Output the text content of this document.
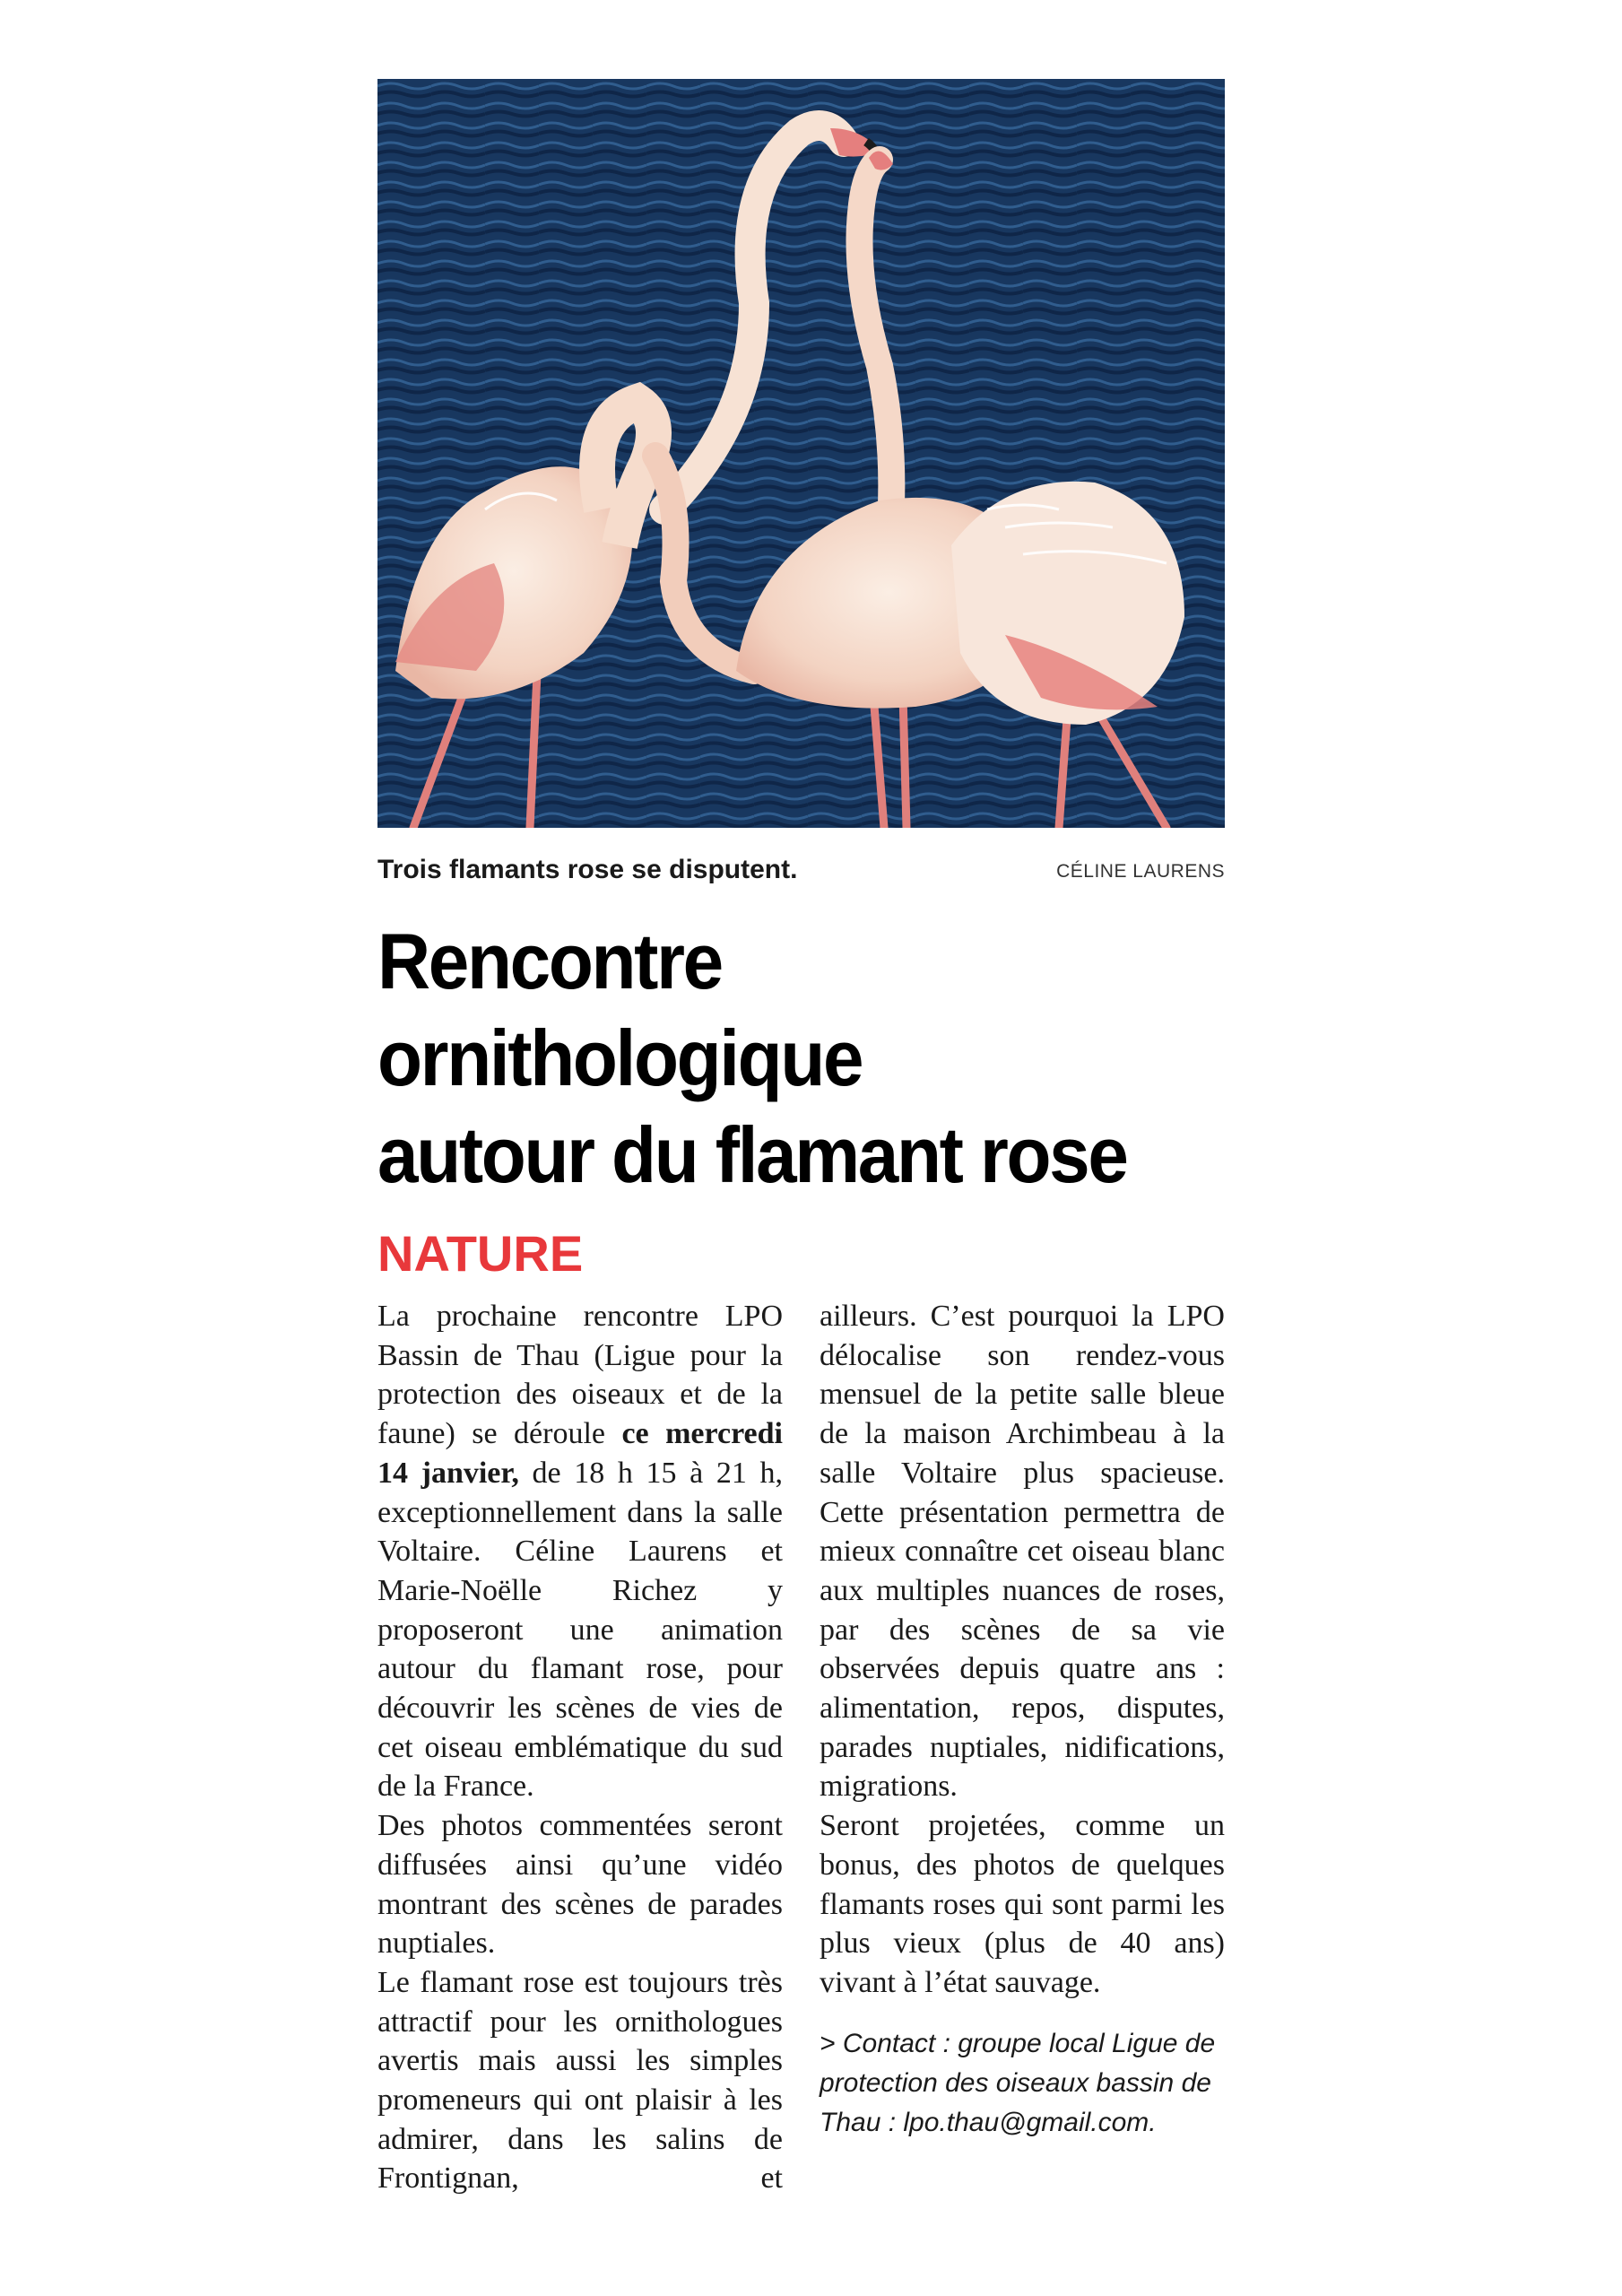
Trois flamants rose se disputent.	CÉLINE LAURENS
Rencontre
ornithologique
autour du flamant rose
NATURE

La prochaine rencontre LPO Bassin de Thau (Ligue pour la protection des oiseaux et de la faune) se déroule ce mercredi 14 janvier, de 18 h 15 à 21 h, exceptionnellement dans la salle Voltaire. Céline Laurens et Marie-Noëlle Richez y proposeront une animation autour du flamant rose, pour découvrir les scènes de vies de cet oiseau emblématique du sud de la France.

Des photos commentées seront diffusées ainsi qu’une vidéo montrant des scènes de parades nuptiales.

Le flamant rose est toujours très attractif pour les ornithologues avertis mais aussi les simples promeneurs qui ont plaisir à les admirer, dans les salins de Frontignan, et

ailleurs. C’est pourquoi la LPO délocalise son rendez-vous mensuel de la petite salle bleue de la maison Archimbeau à la salle Voltaire plus spacieuse. Cette présentation permettra de mieux connaître cet oiseau blanc aux multiples nuances de roses, par des scènes de sa vie observées depuis quatre ans : alimentation, repos, disputes, parades nuptiales, nidifications, migrations.

Seront projetées, comme un bonus, des photos de quelques flamants roses qui sont parmi les plus vieux (plus de 40 ans) vivant à l’état sauvage.

> Contact : groupe local Ligue de protection des oiseaux bassin de Thau : lpo.thau@gmail.com.
